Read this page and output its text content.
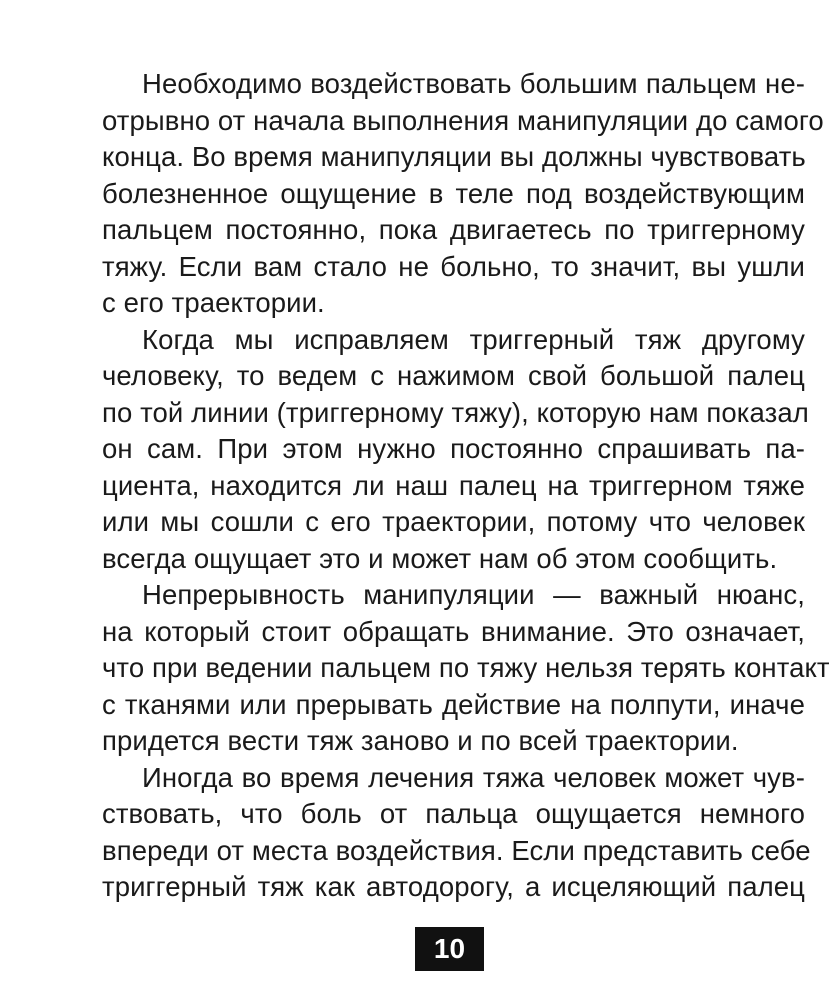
Необходимо воздействовать большим пальцем не-
отрывно от начала выполнения манипуляции до самого
конца. Во время манипуляции вы должны чувствовать
болезненное ощущение в теле под воздействующим
пальцем постоянно, пока двигаетесь по триггерному
тяжу. Если вам стало не больно, то значит, вы ушли
с его траектории.
Когда мы исправляем триггерный тяж другому
человеку, то ведем с нажимом свой большой палец
по той линии (триггерному тяжу), которую нам показал
он сам. При этом нужно постоянно спрашивать па-
циента, находится ли наш палец на триггерном тяже
или мы сошли с его траектории, потому что человек
всегда ощущает это и может нам об этом сообщить.
Непрерывность манипуляции — важный нюанс,
на который стоит обращать внимание. Это означает,
что при ведении пальцем по тяжу нельзя терять контакт
с тканями или прерывать действие на полпути, иначе
придется вести тяж заново и по всей траектории.
Иногда во время лечения тяжа человек может чув-
ствовать, что боль от пальца ощущается немного
впереди от места воздействия. Если представить себе
триггерный тяж как автодорогу, а исцеляющий палец
10
